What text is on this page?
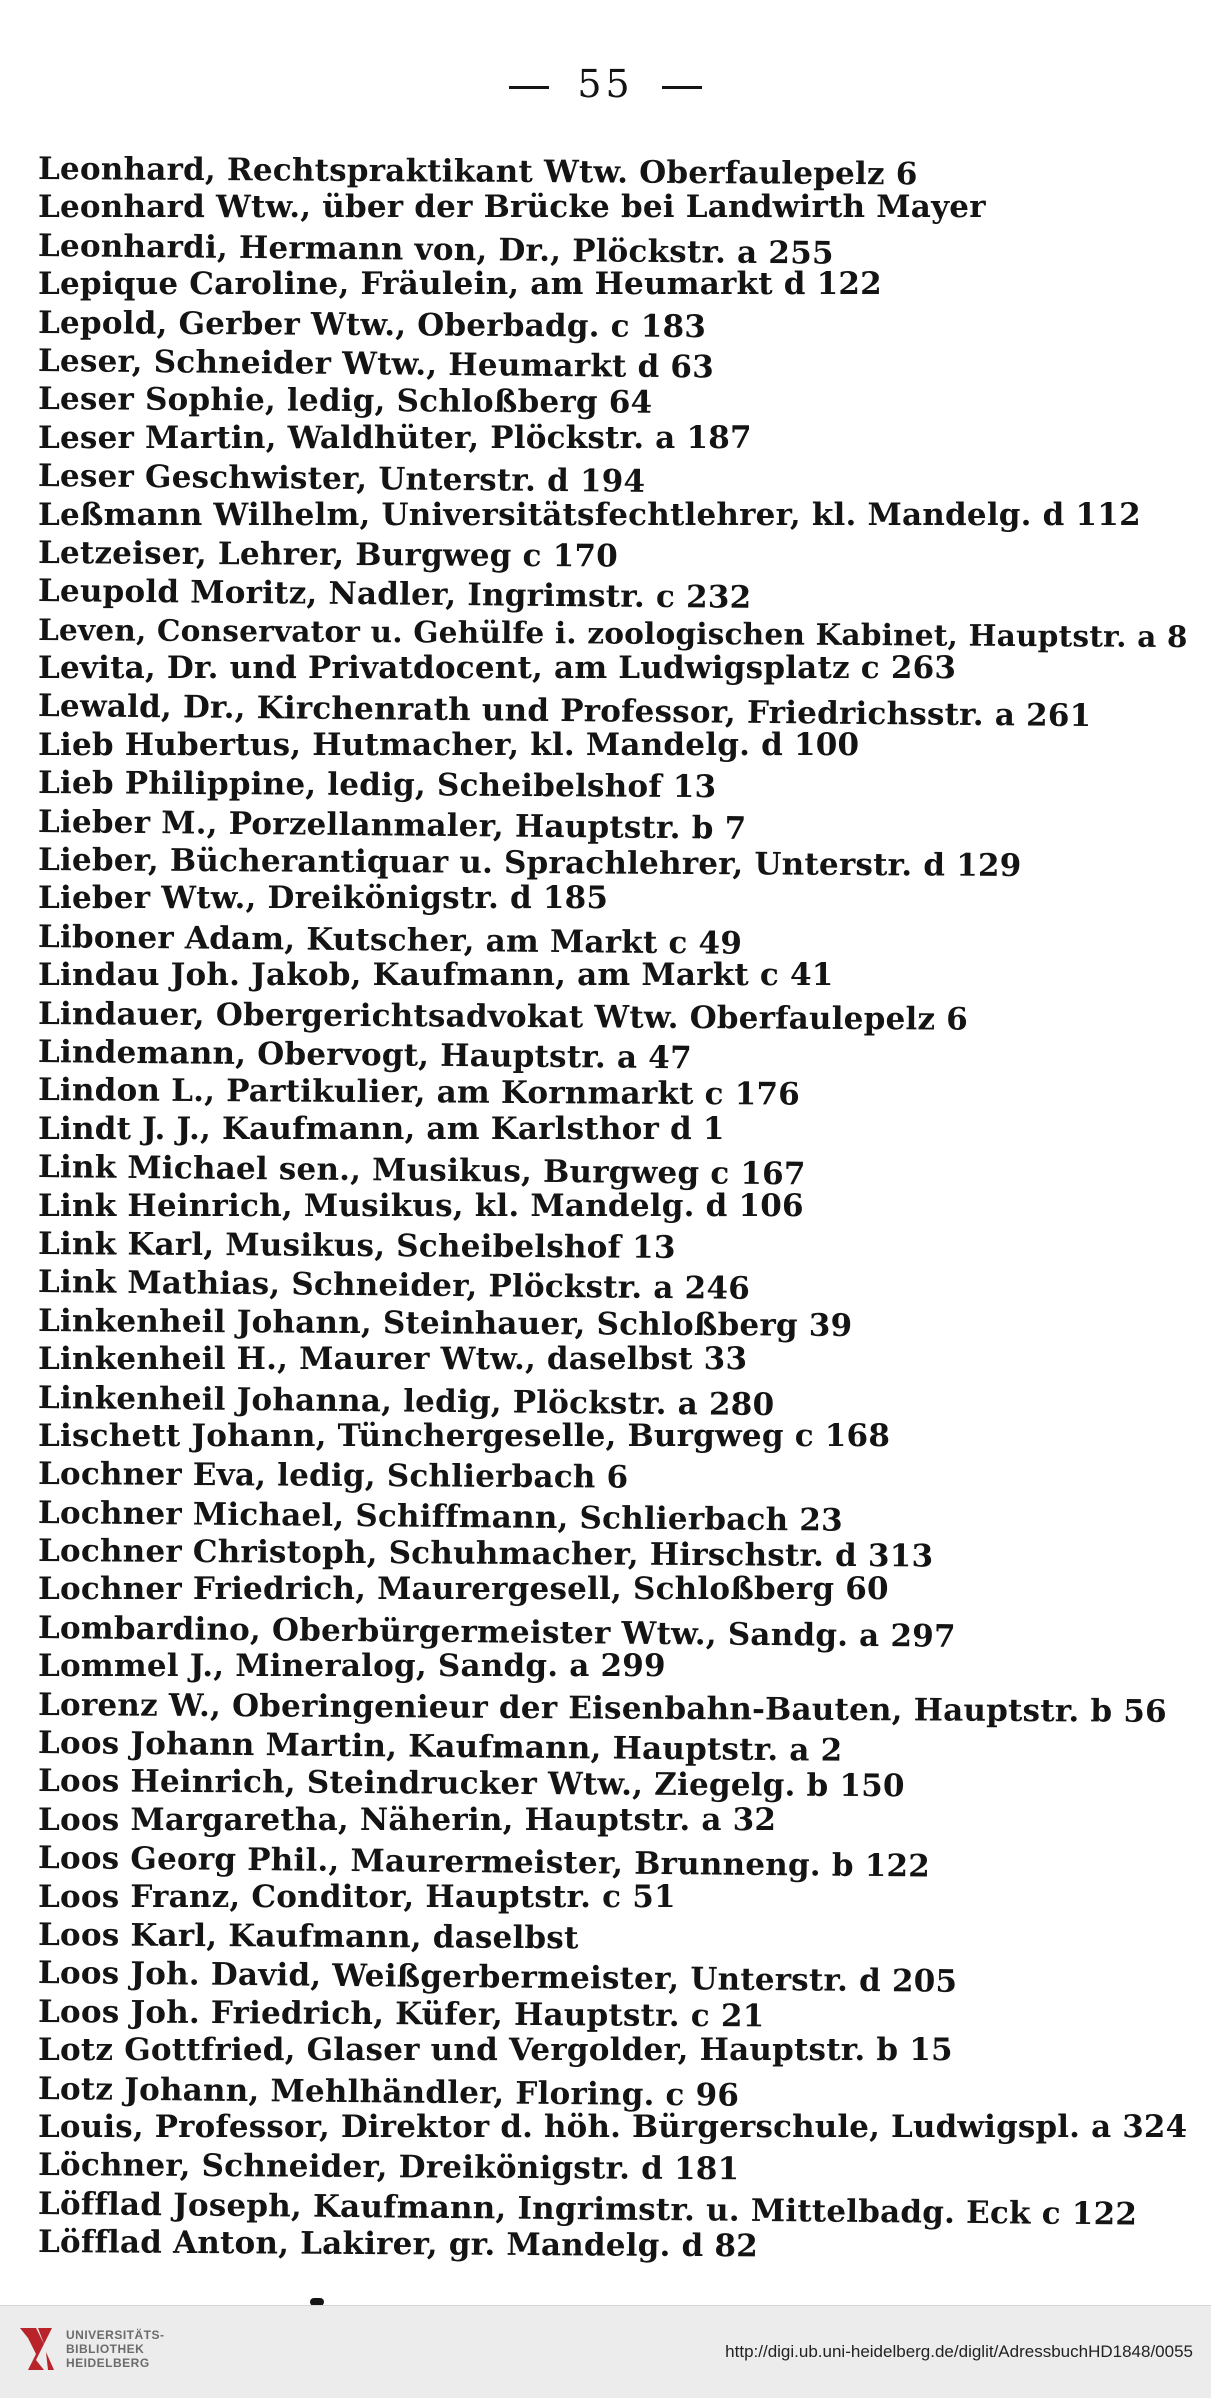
55
Leonhard, Rechtspraktikant Wtw. Oberfaulepelz 6
Leonhard Wtw., über der Brücke bei Landwirth Mayer
Leonhardi, Hermann von, Dr., Plöckstr. a 255
Lepique Caroline, Fräulein, am Heumarkt d 122
Lepold, Gerber Wtw., Oberbadg. c 183
Leser, Schneider Wtw., Heumarkt d 63
Leser Sophie, ledig, Schloßberg 64
Leser Martin, Waldhüter, Plöckstr. a 187
Leser Geschwister, Unterstr. d 194
Leßmann Wilhelm, Universitätsfechtlehrer, kl. Mandelg. d 112
Letzeiser, Lehrer, Burgweg c 170
Leupold Moritz, Nadler, Ingrimstr. c 232
Leven, Conservator u. Gehülfe i. zoologischen Kabinet, Hauptstr. a 8
Levita, Dr. und Privatdocent, am Ludwigsplatz c 263
Lewald, Dr., Kirchenrath und Professor, Friedrichsstr. a 261
Lieb Hubertus, Hutmacher, kl. Mandelg. d 100
Lieb Philippine, ledig, Scheibelshof 13
Lieber M., Porzellanmaler, Hauptstr. b 7
Lieber, Bücherantiquar u. Sprachlehrer, Unterstr. d 129
Lieber Wtw., Dreikönigstr. d 185
Liboner Adam, Kutscher, am Markt c 49
Lindau Joh. Jakob, Kaufmann, am Markt c 41
Lindauer, Obergerichtsadvokat Wtw. Oberfaulepelz 6
Lindemann, Obervogt, Hauptstr. a 47
Lindon L., Partikulier, am Kornmarkt c 176
Lindt J. J., Kaufmann, am Karlsthor d 1
Link Michael sen., Musikus, Burgweg c 167
Link Heinrich, Musikus, kl. Mandelg. d 106
Link Karl, Musikus, Scheibelshof 13
Link Mathias, Schneider, Plöckstr. a 246
Linkenheil Johann, Steinhauer, Schloßberg 39
Linkenheil H., Maurer Wtw., daselbst 33
Linkenheil Johanna, ledig, Plöckstr. a 280
Lischett Johann, Tünchergeselle, Burgweg c 168
Lochner Eva, ledig, Schlierbach 6
Lochner Michael, Schiffmann, Schlierbach 23
Lochner Christoph, Schuhmacher, Hirschstr. d 313
Lochner Friedrich, Maurergesell, Schloßberg 60
Lombardino, Oberbürgermeister Wtw., Sandg. a 297
Lommel J., Mineralog, Sandg. a 299
Lorenz W., Oberingenieur der Eisenbahn-Bauten, Hauptstr. b 56
Loos Johann Martin, Kaufmann, Hauptstr. a 2
Loos Heinrich, Steindrucker Wtw., Ziegelg. b 150
Loos Margaretha, Näherin, Hauptstr. a 32
Loos Georg Phil., Maurermeister, Brunneng. b 122
Loos Franz, Conditor, Hauptstr. c 51
Loos Karl, Kaufmann, daselbst
Loos Joh. David, Weißgerbermeister, Unterstr. d 205
Loos Joh. Friedrich, Küfer, Hauptstr. c 21
Lotz Gottfried, Glaser und Vergolder, Hauptstr. b 15
Lotz Johann, Mehlhändler, Floring. c 96
Louis, Professor, Direktor d. höh. Bürgerschule, Ludwigspl. a 324
Löchner, Schneider, Dreikönigstr. d 181
Löfflad Joseph, Kaufmann, Ingrimstr. u. Mittelbadg. Eck c 122
Löfflad Anton, Lakirer, gr. Mandelg. d 82
UNIVERSITÄTS-
BIBLIOTHEK
HEIDELBERG
http://digi.ub.uni-heidelberg.de/diglit/AdressbuchHD1848/0055
